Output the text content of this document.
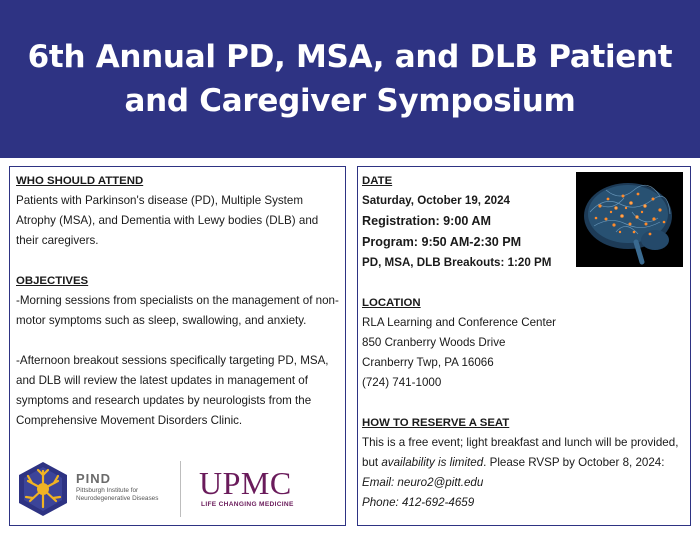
6th Annual PD, MSA, and DLB Patient and Caregiver Symposium
WHO SHOULD ATTEND
Patients with Parkinson's disease (PD), Multiple System Atrophy (MSA), and Dementia with Lewy bodies (DLB) and their caregivers.
OBJECTIVES
-Morning sessions from specialists on the management of non-motor symptoms such as sleep, swallowing, and anxiety.
-Afternoon breakout sessions specifically targeting PD, MSA, and DLB will review the latest updates in management of symptoms and research updates by neurologists from the Comprehensive Movement Disorders Clinic.
PIND
Pittsburgh Institute for
Neurodegenerative Diseases	UPMC
LIFE CHANGING MEDICINE
DATE
Saturday, October 19, 2024
Registration: 9:00 AM
Program: 9:50 AM-2:30 PM
PD, MSA, DLB Breakouts: 1:20 PM
LOCATION
RLA Learning and Conference Center
850 Cranberry Woods Drive
Cranberry Twp, PA 16066
(724) 741-1000
HOW TO RESERVE A SEAT
This is a free event; light breakfast and lunch will be provided, but availability is limited. Please RVSP by October 8, 2024:
Email: neuro2@pitt.edu
Phone: 412-692-4659
